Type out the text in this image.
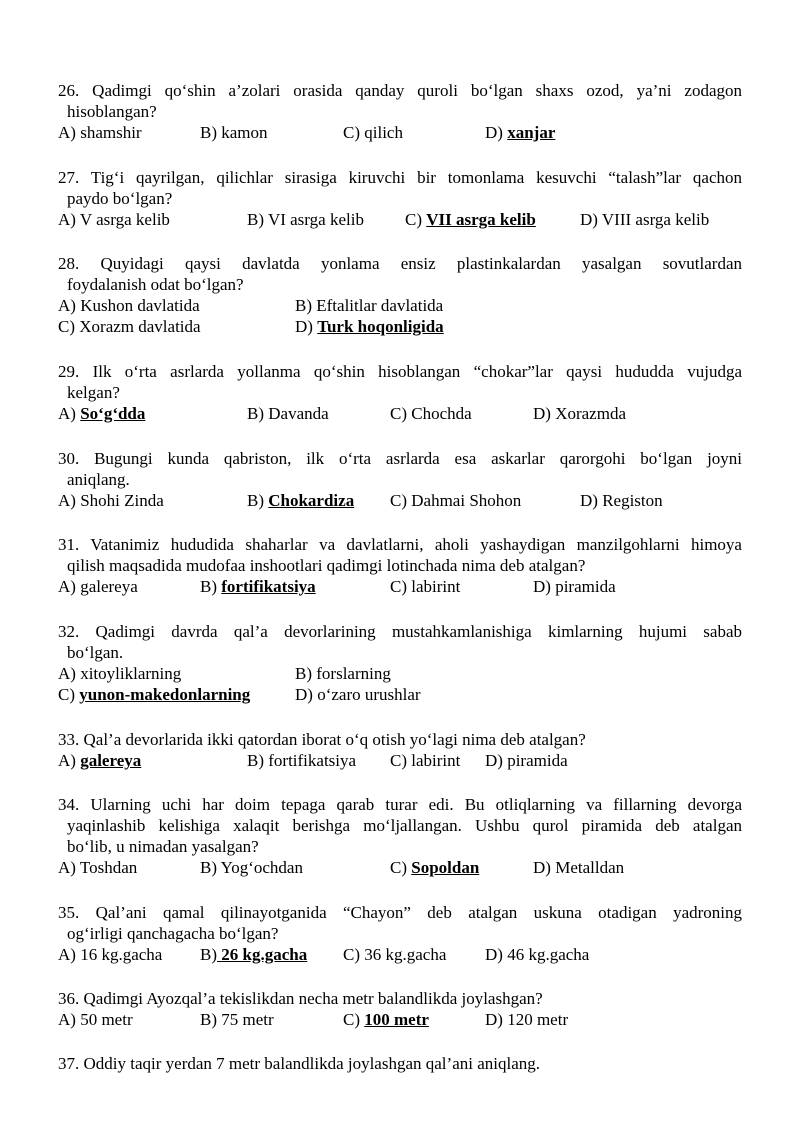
26. Qadimgi qo‘shin a’zolari orasida qanday quroli bo‘lgan shaxs ozod, ya’ni zodagon
hisoblangan?
A) shamshir	B) kamon	C) qilich	D) xanjar
27. Tig‘i qayrilgan, qilichlar sirasiga kiruvchi bir tomonlama kesuvchi “talash”lar qachon
paydo bo‘lgan?
A) V asrga kelib	B) VI asrga kelib C) VII asrga kelib	D) VIII asrga kelib
28. Quyidagi qaysi davlatda yonlama ensiz plastinkalardan yasalgan sovutlardan
foydalanish odat bo‘lgan?
A) Kushon davlatida	B) Eftalitlar davlatida
C) Xorazm davlatida	D) Turk hoqonligida
29. Ilk o‘rta asrlarda yollanma qo‘shin hisoblangan “chokar”lar qaysi hududda vujudga
kelgan?
A) So‘g‘dda	B) Davanda	C) Chochda	D) Xorazmda
30. Bugungi kunda qabriston, ilk o‘rta asrlarda esa askarlar qarorgohi bo‘lgan joyni
aniqlang.
A) Shohi Zinda	B) Chokardiza C) Dahmai Shohon	D) Registon
31. Vatanimiz hududida shaharlar va davlatlarni, aholi yashaydigan manzilgohlarni himoya
qilish maqsadida mudofaa inshootlari qadimgi lotinchada nima deb atalgan?
A) galereya	B) fortifikatsiya	C) labirint	D) piramida
32. Qadimgi davrda qal’a devorlarining mustahkamlanishiga kimlarning hujumi sabab
bo‘lgan.
A) xitoyliklarning	B) forslarning
C) yunon-makedonlarning	D) o‘zaro urushlar
33. Qal’a devorlarida ikki qatordan iborat o‘q otish yo‘lagi nima deb atalgan?
A) galereya	B) fortifikatsiya C) labirint D) piramida
34. Ularning uchi har doim tepaga qarab turar edi. Bu otliqlarning va fillarning devorga
yaqinlashib kelishiga xalaqit berishga mo‘ljallangan. Ushbu qurol piramida deb atalgan
bo‘lib, u nimadan yasalgan?
A) Toshdan	B) Yog‘ochdan	C) Sopoldan	D) Metalldan
35. Qal’ani qamal qilinayotganida “Chayon” deb atalgan uskuna otadigan yadroning
og‘irligi qanchagacha bo‘lgan?
A) 16 kg.gacha B) 26 kg.gacha C) 36 kg.gacha D) 46 kg.gacha
36. Qadimgi Ayozqal’a tekislikdan necha metr balandlikda joylashgan?
A) 50 metr	B) 75 metr	C) 100 metr	D) 120 metr
37. Oddiy taqir yerdan 7 metr balandlikda joylashgan qal’ani aniqlang.
